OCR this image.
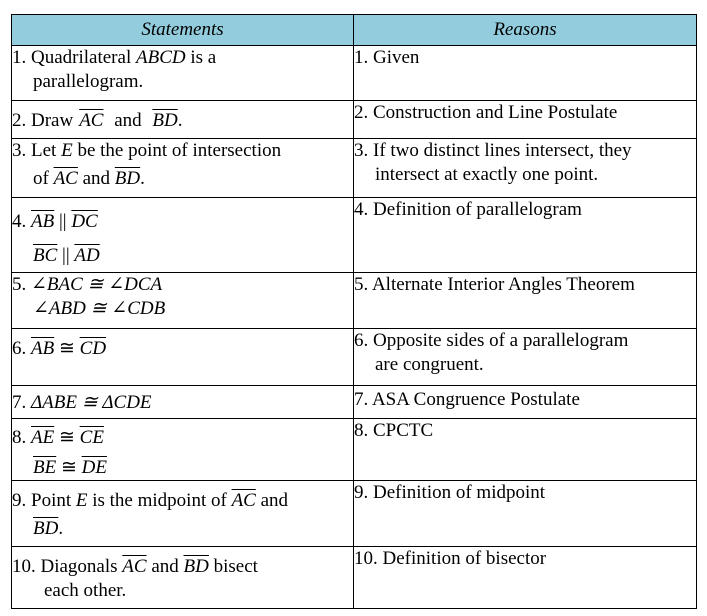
Statements	Reasons
1. Quadrilateral ABCD is a
parallelogram.	1. Given
2. Draw $\overline{AC}$ and $\overline{BD}$.	2. Construction and Line Postulate
3. Let E be the point of intersection
of $\overline{AC}$ and $\overline{BD}$.	3. If two distinct lines intersect, they
intersect at exactly one point.

4. $\overline{AB}$ || $\overline{DC}$
$\overline{BC}$ || $\overline{AD}$	4. Definition of parallelogram
5. ∠BAC ≅ ∠DCA
∠ABD ≅ ∠CDB	5. Alternate Interior Angles Theorem
6. $\overline{AB}$ ≅ $\overline{CD}$	6. Opposite sides of a parallelogram
are congruent.

7. ΔABE ≅ ΔCDE	7. ASA Congruence Postulate
8. $\overline{AE}$ ≅ $\overline{CE}$
$\overline{BE}$ ≅ $\overline{DE}$	8. CPCTC
9. Point E is the midpoint of $\overline{AC}$ and
$\overline{BD}$.	9. Definition of midpoint
10. Diagonals $\overline{AC}$ and $\overline{BD}$ bisect
each other.	10. Definition of bisector
